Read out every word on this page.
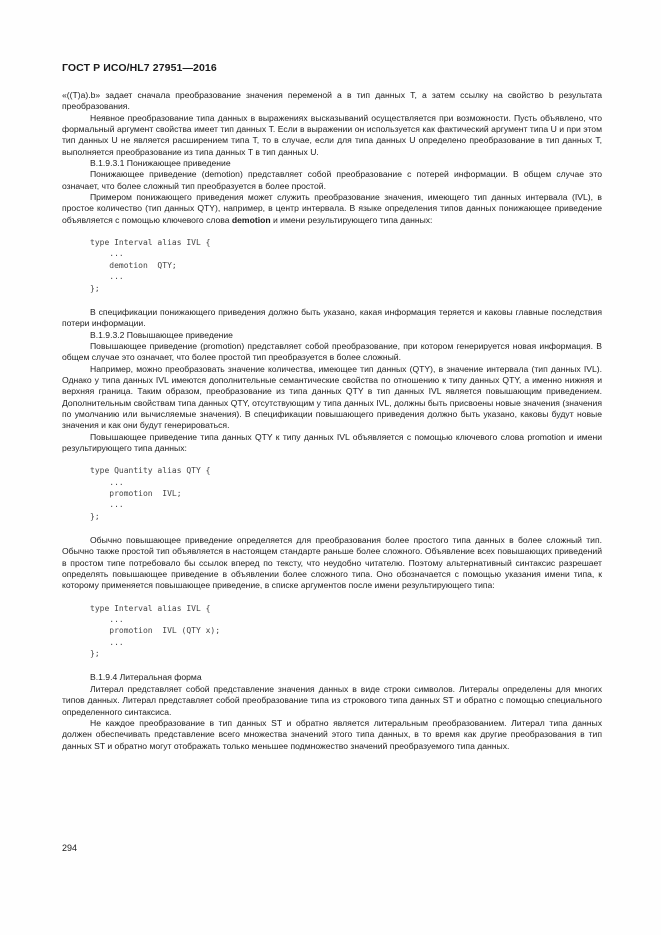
ГОСТ Р ИСО/HL7 27951—2016

«((T)a).b» задает сначала преобразование значения переменой a в тип данных T, а затем ссылку на свойство b результата преобразования.

Неявное преобразование типа данных в выражениях высказываний осуществляется при возможности. Пусть объявлено, что формальный аргумент свойства имеет тип данных T. Если в выражении он используется как фактический аргумент типа U и при этом тип данных U не является расширением типа T, то в случае, если для типа данных U определено преобразование в тип данных T, выполняется преобразование из типа данных T в тип данных U.

B.1.9.3.1 Понижающее приведение

Понижающее приведение (demotion) представляет собой преобразование с потерей информации. В общем случае это означает, что более сложный тип преобразуется в более простой.

Примером понижающего приведения может служить преобразование значения, имеющего тип данных интервала (IVL), в простое количество (тип данных QTY), например, в центр интервала. В языке определения типов данных понижающее приведение объявляется с помощью ключевого слова demotion и имени результирующего типа данных:

type Interval alias IVL {
...
demotion  QTY;
...
};

В спецификации понижающего приведения должно быть указано, какая информация теряется и каковы главные последствия потери информации.

B.1.9.3.2 Повышающее приведение

Повышающее приведение (promotion) представляет собой преобразование, при котором генерируется новая информация. В общем случае это означает, что более простой тип преобразуется в более сложный.

Например, можно преобразовать значение количества, имеющее тип данных (QTY), в значение интервала (тип данных IVL). Однако у типа данных IVL имеются дополнительные семантические свойства по отношению к типу данных QTY, а именно нижняя и верхняя граница. Таким образом, преобразование из типа данных QTY в тип данных IVL является повышающим приведением. Дополнительным свойствам типа данных QTY, отсутствующим у типа данных IVL, должны быть присвоены новые значения (значения по умолчанию или вычисляемые значения). В спецификации повышающего приведения должно быть указано, каковы будут новые значения и как они будут генерироваться.

Повышающее приведение типа данных QTY к типу данных IVL объявляется с помощью ключевого слова promotion и имени результирующего типа данных:

type Quantity alias QTY {
...
promotion  IVL;
...
};

Обычно повышающее приведение определяется для преобразования более простого типа данных в более сложный тип. Обычно также простой тип объявляется в настоящем стандарте раньше более сложного. Объявление всех повышающих приведений в простом типе потребовало бы ссылок вперед по тексту, что неудобно читателю. Поэтому альтернативный синтаксис разрешает определять повышающее приведение в объявлении более сложного типа. Оно обозначается с помощью указания имени типа, к которому применяется повышающее приведение, в списке аргументов после имени результирующего типа:

type Interval alias IVL {
...
promotion  IVL (QTY x);
...
};

B.1.9.4 Литеральная форма

Литерал представляет собой представление значения данных в виде строки символов. Литералы определены для многих типов данных. Литерал представляет собой преобразование типа из строкового типа данных ST и обратно с помощью специального определенного синтаксиса.

Не каждое преобразование в тип данных ST и обратно является литеральным преобразованием. Литерал типа данных должен обеспечивать представление всего множества значений этого типа данных, в то время как другие преобразования в тип данных ST и обратно могут отображать только меньшее подмножество значений преобразуемого типа данных.

294
